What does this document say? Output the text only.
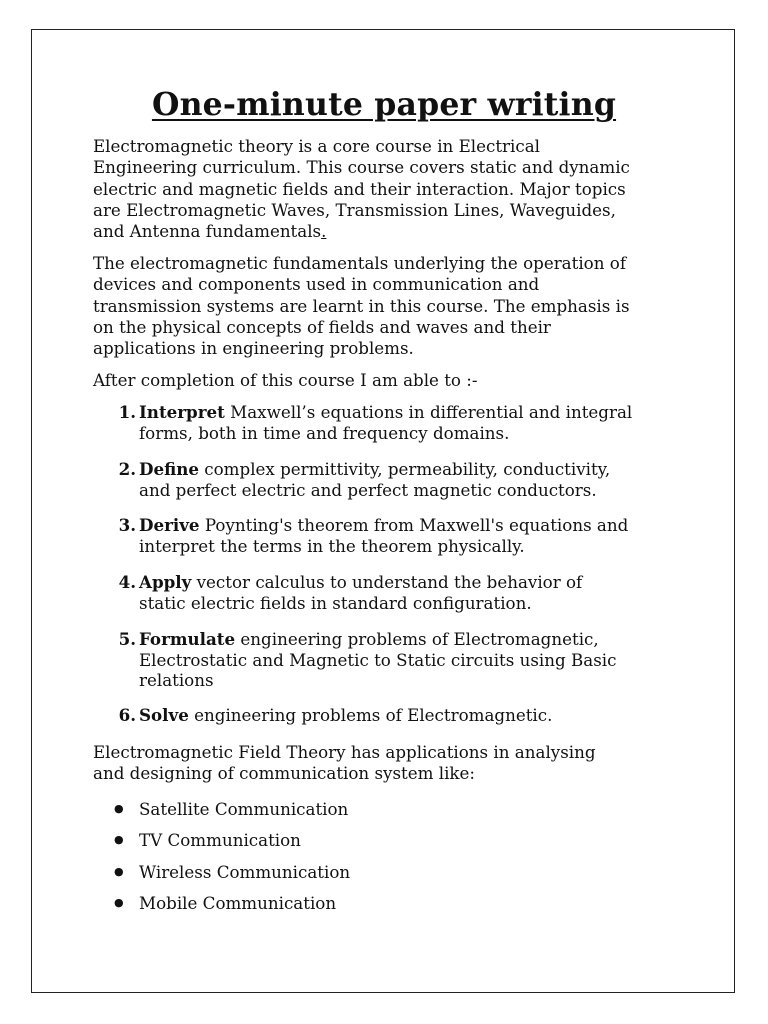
One-minute paper writing

Electromagnetic theory is a core course in Electrical
Engineering curriculum. This course covers static and dynamic
electric and magnetic fields and their interaction. Major topics
are Electromagnetic Waves, Transmission Lines, Waveguides,
and Antenna fundamentals.

The electromagnetic fundamentals underlying the operation of
devices and components used in communication and
transmission systems are learnt in this course. The emphasis is
on the physical concepts of fields and waves and their
applications in engineering problems.

After completion of this course I am able to :-

1. Interpret Maxwell’s equations in differential and integral
forms, both in time and frequency domains.
2. Define complex permittivity, permeability, conductivity,
and perfect electric and perfect magnetic conductors.
3. Derive Poynting's theorem from Maxwell's equations and
interpret the terms in the theorem physically.
4. Apply vector calculus to understand the behavior of
static electric fields in standard configuration.
5. Formulate engineering problems of Electromagnetic,
Electrostatic and Magnetic to Static circuits using Basic
relations
6. Solve engineering problems of Electromagnetic.

Electromagnetic Field Theory has applications in analysing
and designing of communication system like:

● Satellite Communication
● TV Communication
● Wireless Communication
● Mobile Communication
